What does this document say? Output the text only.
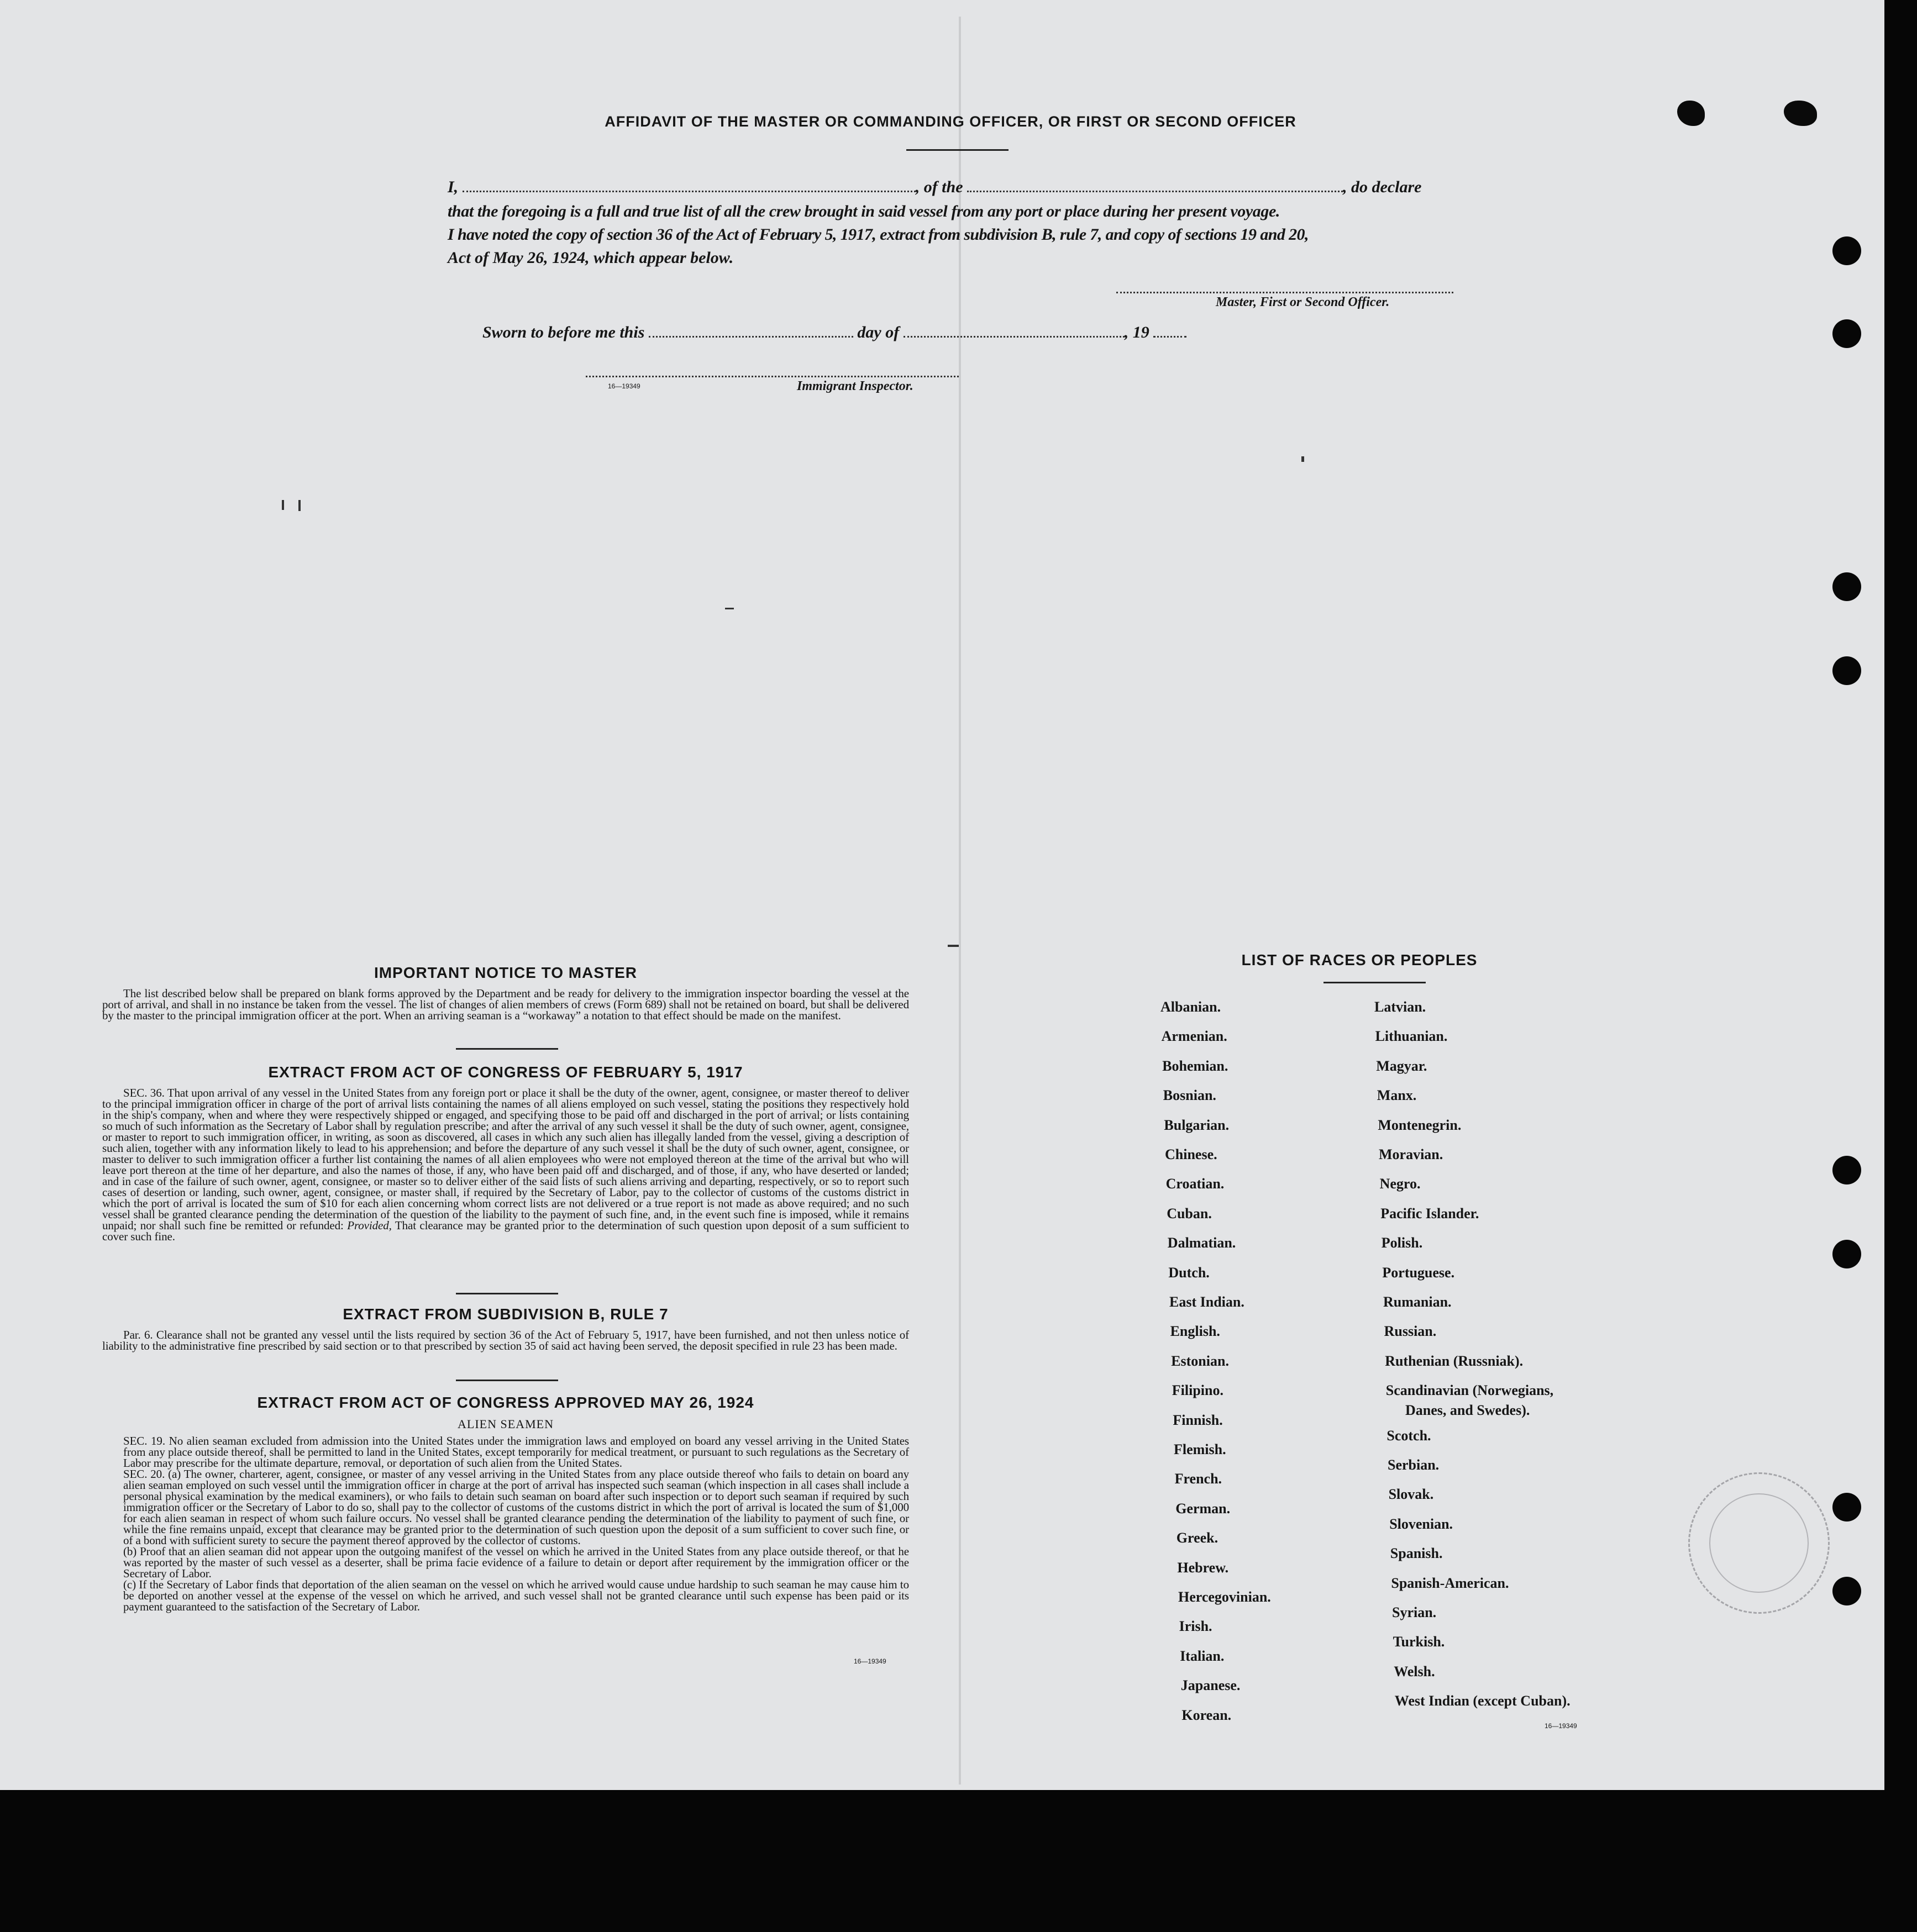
AFFIDAVIT OF THE MASTER OR COMMANDING OFFICER, OR FIRST OR SECOND OFFICER
I,	, of the	, do declare
that the foregoing is a full and true list of all the crew brought in said vessel from any port or place during her present voyage.
I have noted the copy of section 36 of the Act of February 5, 1917, extract from subdivision B, rule 7, and copy of sections 19 and 20,
Act of May 26, 1924, which appear below.
Master, First or Second Officer.
Sworn to before me this	day of	, 19
16—19349	Immigrant Inspector.
IMPORTANT NOTICE TO MASTER
The list described below shall be prepared on blank forms approved by the Department and be ready for delivery to the immigration inspector boarding the vessel at the port of arrival, and shall in no instance be taken from the vessel. The list of changes of alien members of crews (Form 689) shall not be retained on board, but shall be delivered by the master to the principal immigration officer at the port. When an arriving seaman is a “workaway” a notation to that effect should be made on the manifest.
EXTRACT FROM ACT OF CONGRESS OF FEBRUARY 5, 1917
SEC. 36. That upon arrival of any vessel in the United States from any foreign port or place it shall be the duty of the owner, agent, consignee, or master thereof to deliver to the principal immigration officer in charge of the port of arrival lists containing the names of all aliens employed on such vessel, stating the positions they respectively hold in the ship's company, when and where they were respectively shipped or engaged, and specifying those to be paid off and discharged in the port of arrival; or lists containing so much of such information as the Secretary of Labor shall by regulation prescribe; and after the arrival of any such vessel it shall be the duty of such owner, agent, consignee, or master to report to such immigration officer, in writing, as soon as discovered, all cases in which any such alien has illegally landed from the vessel, giving a description of such alien, together with any information likely to lead to his apprehension; and before the departure of any such vessel it shall be the duty of such owner, agent, consignee, or master to deliver to such immigration officer a further list containing the names of all alien employees who were not employed thereon at the time of the arrival but who will leave port thereon at the time of her departure, and also the names of those, if any, who have been paid off and discharged, and of those, if any, who have deserted or landed; and in case of the failure of such owner, agent, consignee, or master so to deliver either of the said lists of such aliens arriving and departing, respectively, or so to report such cases of desertion or landing, such owner, agent, consignee, or master shall, if required by the Secretary of Labor, pay to the collector of customs of the customs district in which the port of arrival is located the sum of $10 for each alien concerning whom correct lists are not delivered or a true report is not made as above required; and no such vessel shall be granted clearance pending the determination of the question of the liability to the payment of such fine, and, in the event such fine is imposed, while it remains unpaid; nor shall such fine be remitted or refunded: Provided, That clearance may be granted prior to the determination of such question upon deposit of a sum sufficient to cover such fine.
EXTRACT FROM SUBDIVISION B, RULE 7
Par. 6. Clearance shall not be granted any vessel until the lists required by section 36 of the Act of February 5, 1917, have been furnished, and not then unless notice of liability to the administrative fine prescribed by said section or to that prescribed by section 35 of said act having been served, the deposit specified in rule 23 has been made.
EXTRACT FROM ACT OF CONGRESS APPROVED MAY 26, 1924
ALIEN SEAMEN
SEC. 19. No alien seaman excluded from admission into the United States under the immigration laws and employed on board any vessel arriving in the United States from any place outside thereof, shall be permitted to land in the United States, except temporarily for medical treatment, or pursuant to such regulations as the Secretary of Labor may prescribe for the ultimate departure, removal, or deportation of such alien from the United States.
SEC. 20. (a) The owner, charterer, agent, consignee, or master of any vessel arriving in the United States from any place outside thereof who fails to detain on board any alien seaman employed on such vessel until the immigration officer in charge at the port of arrival has inspected such seaman (which inspection in all cases shall include a personal physical examination by the medical examiners), or who fails to detain such seaman on board after such inspection or to deport such seaman if required by such immigration officer or the Secretary of Labor to do so, shall pay to the collector of customs of the customs district in which the port of arrival is located the sum of $1,000 for each alien seaman in respect of whom such failure occurs. No vessel shall be granted clearance pending the determination of the liability to payment of such fine, or while the fine remains unpaid, except that clearance may be granted prior to the determination of such question upon the deposit of a sum sufficient to cover such fine, or of a bond with sufficient surety to secure the payment thereof approved by the collector of customs.
(b) Proof that an alien seaman did not appear upon the outgoing manifest of the vessel on which he arrived in the United States from any place outside thereof, or that he was reported by the master of such vessel as a deserter, shall be prima facie evidence of a failure to detain or deport after requirement by the immigration officer or the Secretary of Labor.
(c) If the Secretary of Labor finds that deportation of the alien seaman on the vessel on which he arrived would cause undue hardship to such seaman he may cause him to be deported on another vessel at the expense of the vessel on which he arrived, and such vessel shall not be granted clearance until such expense has been paid or its payment guaranteed to the satisfaction of the Secretary of Labor.
16—19349
LIST OF RACES OR PEOPLES
Albanian.
Armenian.
Bohemian.
Bosnian.
Bulgarian.
Chinese.
Croatian.
Cuban.
Dalmatian.
Dutch.
East Indian.
English.
Estonian.
Filipino.
Finnish.
Flemish.
French.
German.
Greek.
Hebrew.
Hercegovinian.
Irish.
Italian.
Japanese.
Korean.
Latvian.
Lithuanian.
Magyar.
Manx.
Montenegrin.
Moravian.
Negro.
Pacific Islander.
Polish.
Portuguese.
Rumanian.
Russian.
Ruthenian (Russniak).
Scandinavian (Norwegians,
Scotch.
Serbian.
Slovak.
Slovenian.
Spanish.
Spanish-American.
Syrian.
Turkish.
Welsh.
West Indian (except Cuban).
Danes, and Swedes).
16—19349
